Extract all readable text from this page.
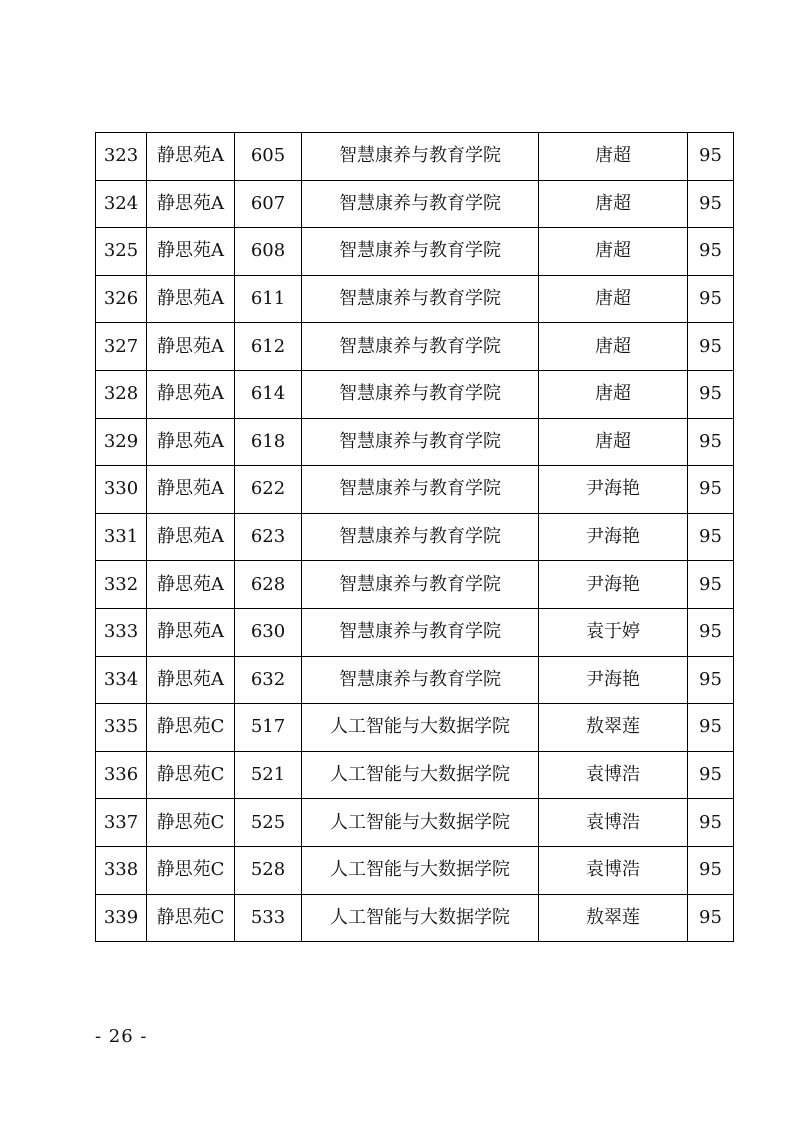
323	静思苑A	605	智慧康养与教育学院	唐超	95
324	静思苑A	607	智慧康养与教育学院	唐超	95
325	静思苑A	608	智慧康养与教育学院	唐超	95
326	静思苑A	611	智慧康养与教育学院	唐超	95
327	静思苑A	612	智慧康养与教育学院	唐超	95
328	静思苑A	614	智慧康养与教育学院	唐超	95
329	静思苑A	618	智慧康养与教育学院	唐超	95
330	静思苑A	622	智慧康养与教育学院	尹海艳	95
331	静思苑A	623	智慧康养与教育学院	尹海艳	95
332	静思苑A	628	智慧康养与教育学院	尹海艳	95
333	静思苑A	630	智慧康养与教育学院	袁于婷	95
334	静思苑A	632	智慧康养与教育学院	尹海艳	95
335	静思苑C	517	人工智能与大数据学院	敖翠莲	95
336	静思苑C	521	人工智能与大数据学院	袁博浩	95
337	静思苑C	525	人工智能与大数据学院	袁博浩	95
338	静思苑C	528	人工智能与大数据学院	袁博浩	95
339	静思苑C	533	人工智能与大数据学院	敖翠莲	95
- 26 -
